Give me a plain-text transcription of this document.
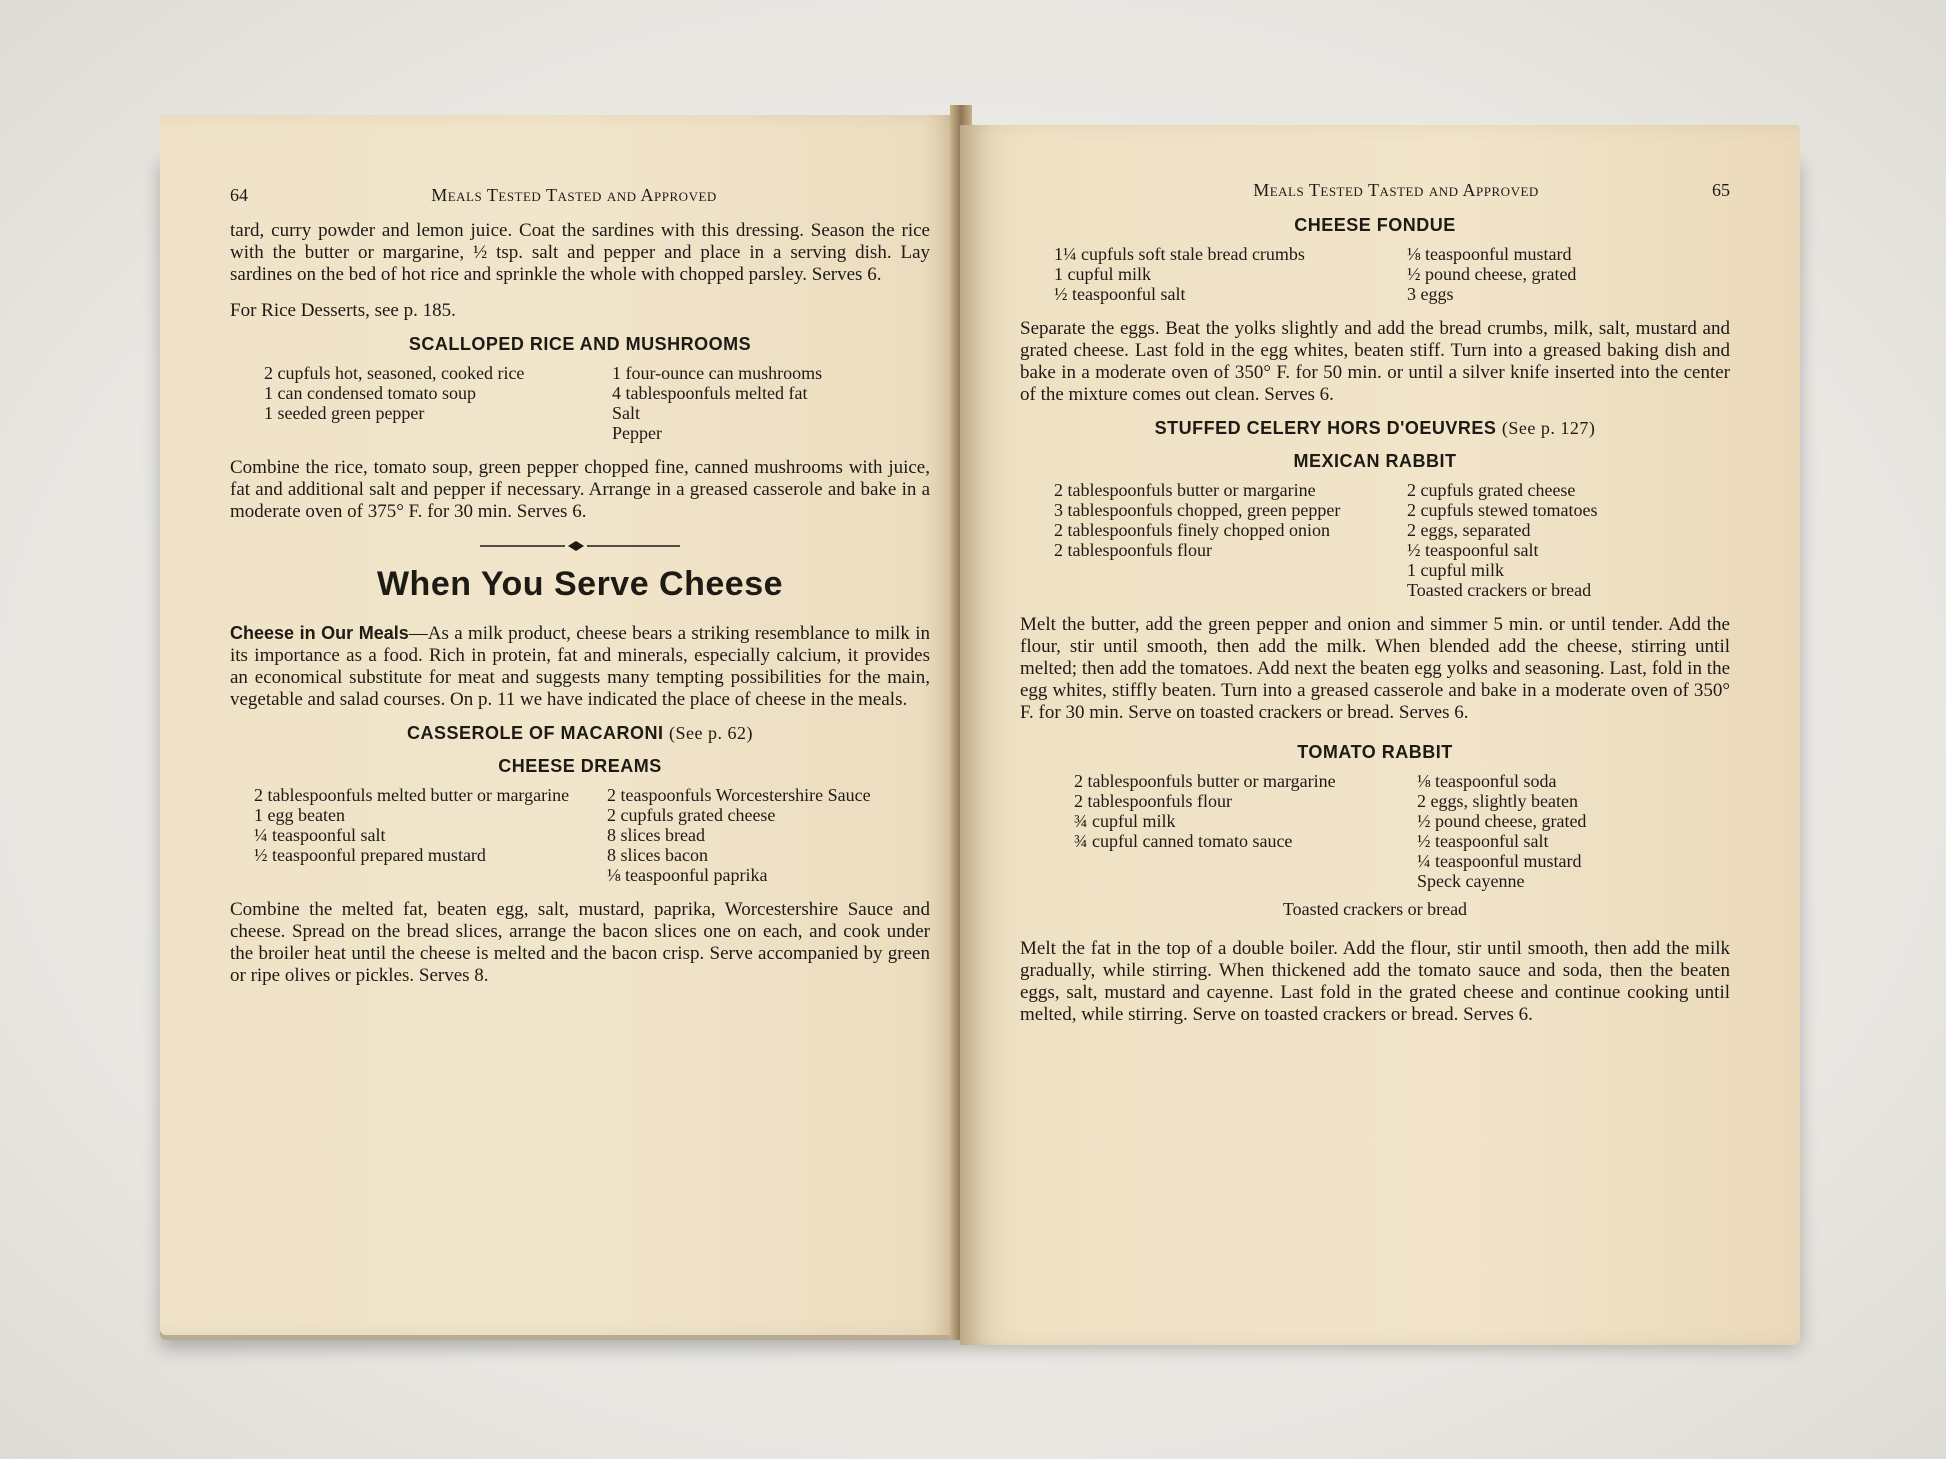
64	Meals Tested Tasted and Approved

tard, curry powder and lemon juice. Coat the sardines with this dressing. Season the rice with the butter or margarine, ½ tsp. salt and pepper and place in a serving dish. Lay sardines on the bed of hot rice and sprinkle the whole with chopped parsley. Serves 6.

For Rice Desserts, see p. 185.

SCALLOPED RICE AND MUSHROOMS
2 cupfuls hot, seasoned, cooked rice
1 can condensed tomato soup
1 seeded green pepper
1 four-ounce can mushrooms
4 tablespoonfuls melted fat
Salt
Pepper

Combine the rice, tomato soup, green pepper chopped fine, canned mushrooms with juice, fat and additional salt and pepper if necessary. Arrange in a greased casserole and bake in a moderate oven of 375° F. for 30 min. Serves 6.

When You Serve Cheese

Cheese in Our Meals—As a milk product, cheese bears a striking resemblance to milk in its importance as a food. Rich in protein, fat and minerals, especially calcium, it provides an economical substitute for meat and suggests many tempting possibilities for the main, vegetable and salad courses. On p. 11 we have indicated the place of cheese in the meals.

CASSEROLE OF MACARONI (See p. 62)
CHEESE DREAMS
2 tablespoonfuls melted butter or margarine
1 egg beaten
¼ teaspoonful salt
½ teaspoonful prepared mustard
2 teaspoonfuls Worcestershire Sauce
2 cupfuls grated cheese
8 slices bread
8 slices bacon
⅛ teaspoonful paprika

Combine the melted fat, beaten egg, salt, mustard, paprika, Worcestershire Sauce and cheese. Spread on the bread slices, arrange the bacon slices one on each, and cook under the broiler heat until the cheese is melted and the bacon crisp. Serve accompanied by green or ripe olives or pickles. Serves 8.

Meals Tested Tasted and Approved	65
CHEESE FONDUE
1¼ cupfuls soft stale bread crumbs
1 cupful milk
½ teaspoonful salt
⅛ teaspoonful mustard
½ pound cheese, grated
3 eggs

Separate the eggs. Beat the yolks slightly and add the bread crumbs, milk, salt, mustard and grated cheese. Last fold in the egg whites, beaten stiff. Turn into a greased baking dish and bake in a moderate oven of 350° F. for 50 min. or until a silver knife inserted into the center of the mixture comes out clean. Serves 6.

STUFFED CELERY HORS D'OEUVRES (See p. 127)
MEXICAN RABBIT
2 tablespoonfuls butter or margarine
3 tablespoonfuls chopped, green pepper
2 tablespoonfuls finely chopped onion
2 tablespoonfuls flour
2 cupfuls grated cheese
2 cupfuls stewed tomatoes
2 eggs, separated
½ teaspoonful salt
1 cupful milk
Toasted crackers or bread

Melt the butter, add the green pepper and onion and simmer 5 min. or until tender. Add the flour, stir until smooth, then add the milk. When blended add the cheese, stirring until melted; then add the tomatoes. Add next the beaten egg yolks and seasoning. Last, fold in the egg whites, stiffly beaten. Turn into a greased casserole and bake in a moderate oven of 350° F. for 30 min. Serve on toasted crackers or bread. Serves 6.

TOMATO RABBIT
2 tablespoonfuls butter or margarine
2 tablespoonfuls flour
¾ cupful milk
¾ cupful canned tomato sauce
⅛ teaspoonful soda
2 eggs, slightly beaten
½ pound cheese, grated
½ teaspoonful salt
¼ teaspoonful mustard
Speck cayenne
Toasted crackers or bread

Melt the fat in the top of a double boiler. Add the flour, stir until smooth, then add the milk gradually, while stirring. When thickened add the tomato sauce and soda, then the beaten eggs, salt, mustard and cayenne. Last fold in the grated cheese and continue cooking until melted, while stirring. Serve on toasted crackers or bread. Serves 6.
